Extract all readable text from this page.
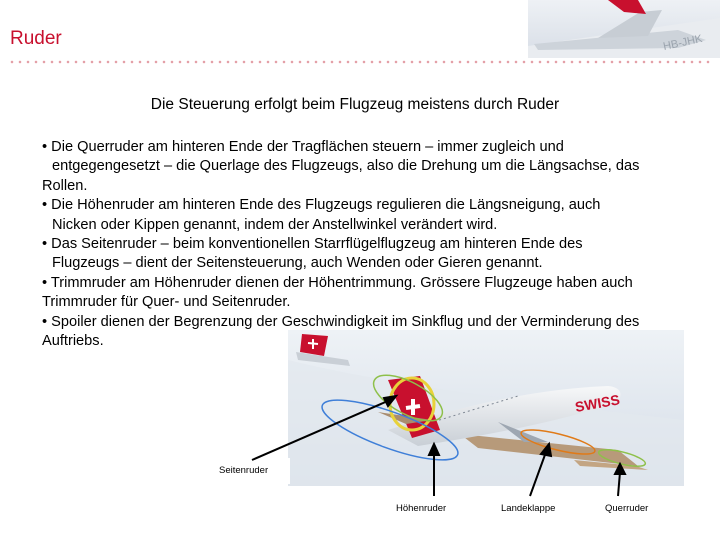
Ruder	HB-JHK
Die Steuerung erfolgt beim Flugzeug meistens durch Ruder
• Die Querruder am hinteren Ende der Tragflächen steuern – immer zugleich und
entgegengesetzt – die Querlage des Flugzeugs, also die Drehung um die Längsachse, das
Rollen.
• Die Höhenruder am hinteren Ende des Flugzeugs regulieren die Längsneigung, auch
Nicken oder Kippen genannt, indem der Anstellwinkel verändert wird.
• Das Seitenruder – beim konventionellen Starrflügelflugzeug am hinteren Ende des
Flugzeugs – dient der Seitensteuerung, auch Wenden oder Gieren genannt.
• Trimmruder am Höhenruder dienen der Höhentrimmung. Grössere Flugzeuge haben auch
Trimmruder für Quer- und Seitenruder.
• Spoiler dienen der Begrenzung der Geschwindigkeit im Sinkflug und der Verminderung des
Auftriebs.
SWISS
Seitenruder
Höhenruder	Landeklappe	Querruder
